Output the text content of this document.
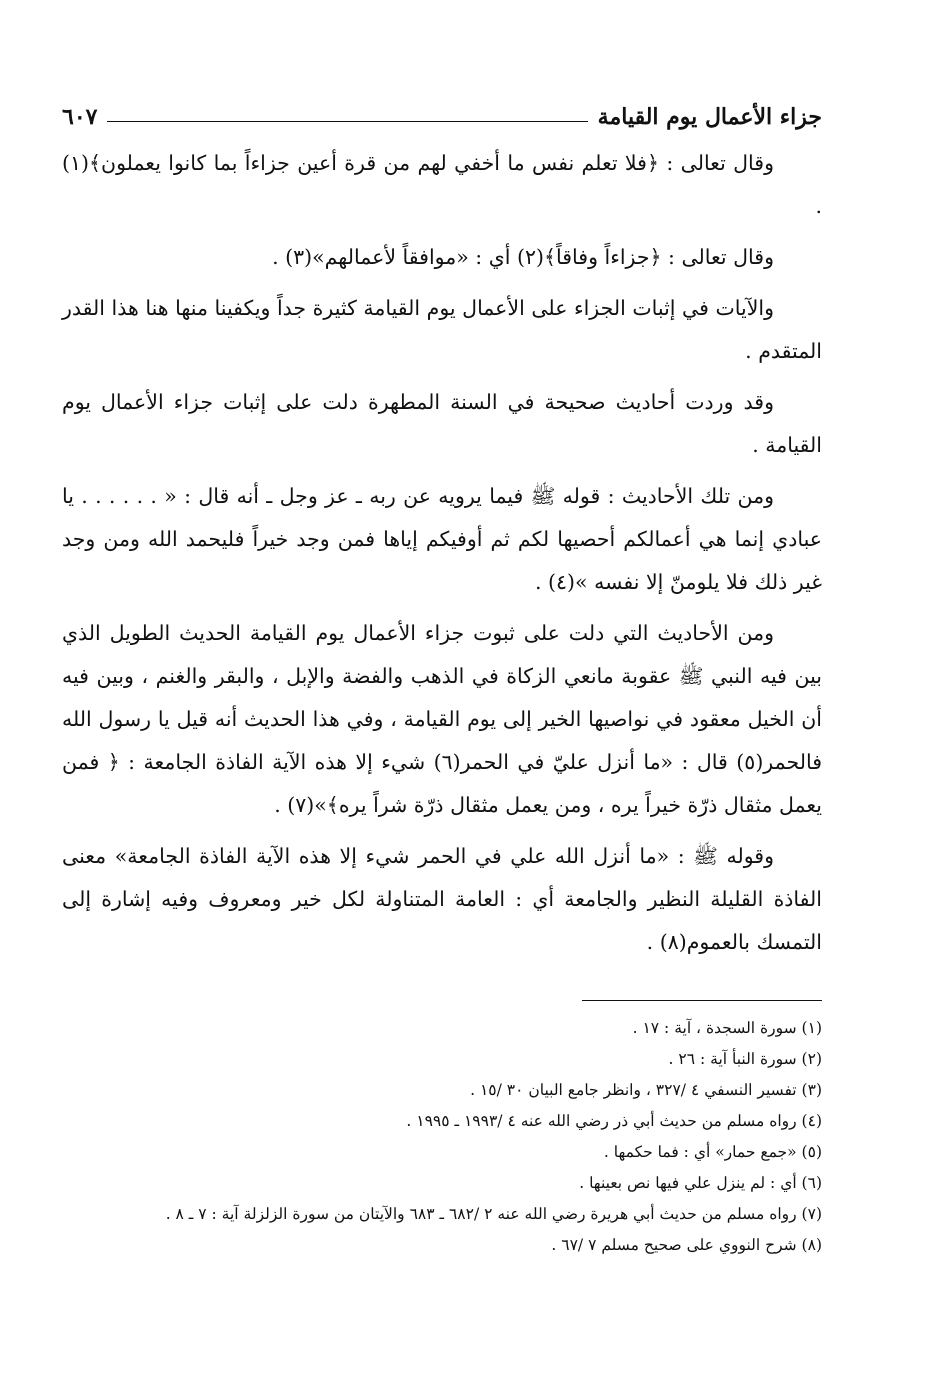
جزاء الأعمال يوم القيامة
٦٠٧

وقال تعالى : ﴿فلا تعلم نفس ما أخفي لهم من قرة أعين جزاءاً بما كانوا يعملون﴾(١) .

وقال تعالى : ﴿جزاءاً وفاقاً﴾(٢) أي : «موافقاً لأعمالهم»(٣) .

والآيات في إثبات الجزاء على الأعمال يوم القيامة كثيرة جداً ويكفينا منها هنا هذا القدر المتقدم .

وقد وردت أحاديث صحيحة في السنة المطهرة دلت على إثبات جزاء الأعمال يوم القيامة .

ومن تلك الأحاديث : قوله ﷺ فيما يرويه عن ربه ـ عز وجل ـ أنه قال : « . . . . . . يا عبادي إنما هي أعمالكم أحصيها لكم ثم أوفيكم إياها فمن وجد خيراً فليحمد الله ومن وجد غير ذلك فلا يلومنّ إلا نفسه »(٤) .

ومن الأحاديث التي دلت على ثبوت جزاء الأعمال يوم القيامة الحديث الطويل الذي بين فيه النبي ﷺ عقوبة مانعي الزكاة في الذهب والفضة والإبل ، والبقر والغنم ، وبين فيه أن الخيل معقود في نواصيها الخير إلى يوم القيامة ، وفي هذا الحديث أنه قيل يا رسول الله فالحمر(٥) قال : «ما أنزل عليّ في الحمر(٦) شيء إلا هذه الآية الفاذة الجامعة : ﴿ فمن يعمل مثقال ذرّة خيراً يره ، ومن يعمل مثقال ذرّة شراً يره﴾»(٧) .

وقوله ﷺ : «ما أنزل الله علي في الحمر شيء إلا هذه الآية الفاذة الجامعة» معنى الفاذة القليلة النظير والجامعة أي : العامة المتناولة لكل خير ومعروف وفيه إشارة إلى التمسك بالعموم(٨) .

(١) سورة السجدة ، آية : ١٧ .
(٢) سورة النبأ آية : ٢٦ .
(٣) تفسير النسفي ٤ /٣٢٧ ، وانظر جامع البيان ٣٠ /١٥ .
(٤) رواه مسلم من حديث أبي ذر رضي الله عنه ٤ /١٩٩٣ ـ ١٩٩٥ .
(٥) «جمع حمار» أي : فما حكمها .
(٦) أي : لم ينزل علي فيها نص بعينها .
(٧) رواه مسلم من حديث أبي هريرة رضي الله عنه ٢ /٦٨٢ ـ ٦٨٣ والآيتان من سورة الزلزلة آية : ٧ ـ ٨ .
(٨) شرح النووي على صحيح مسلم ٧ /٦٧ .
